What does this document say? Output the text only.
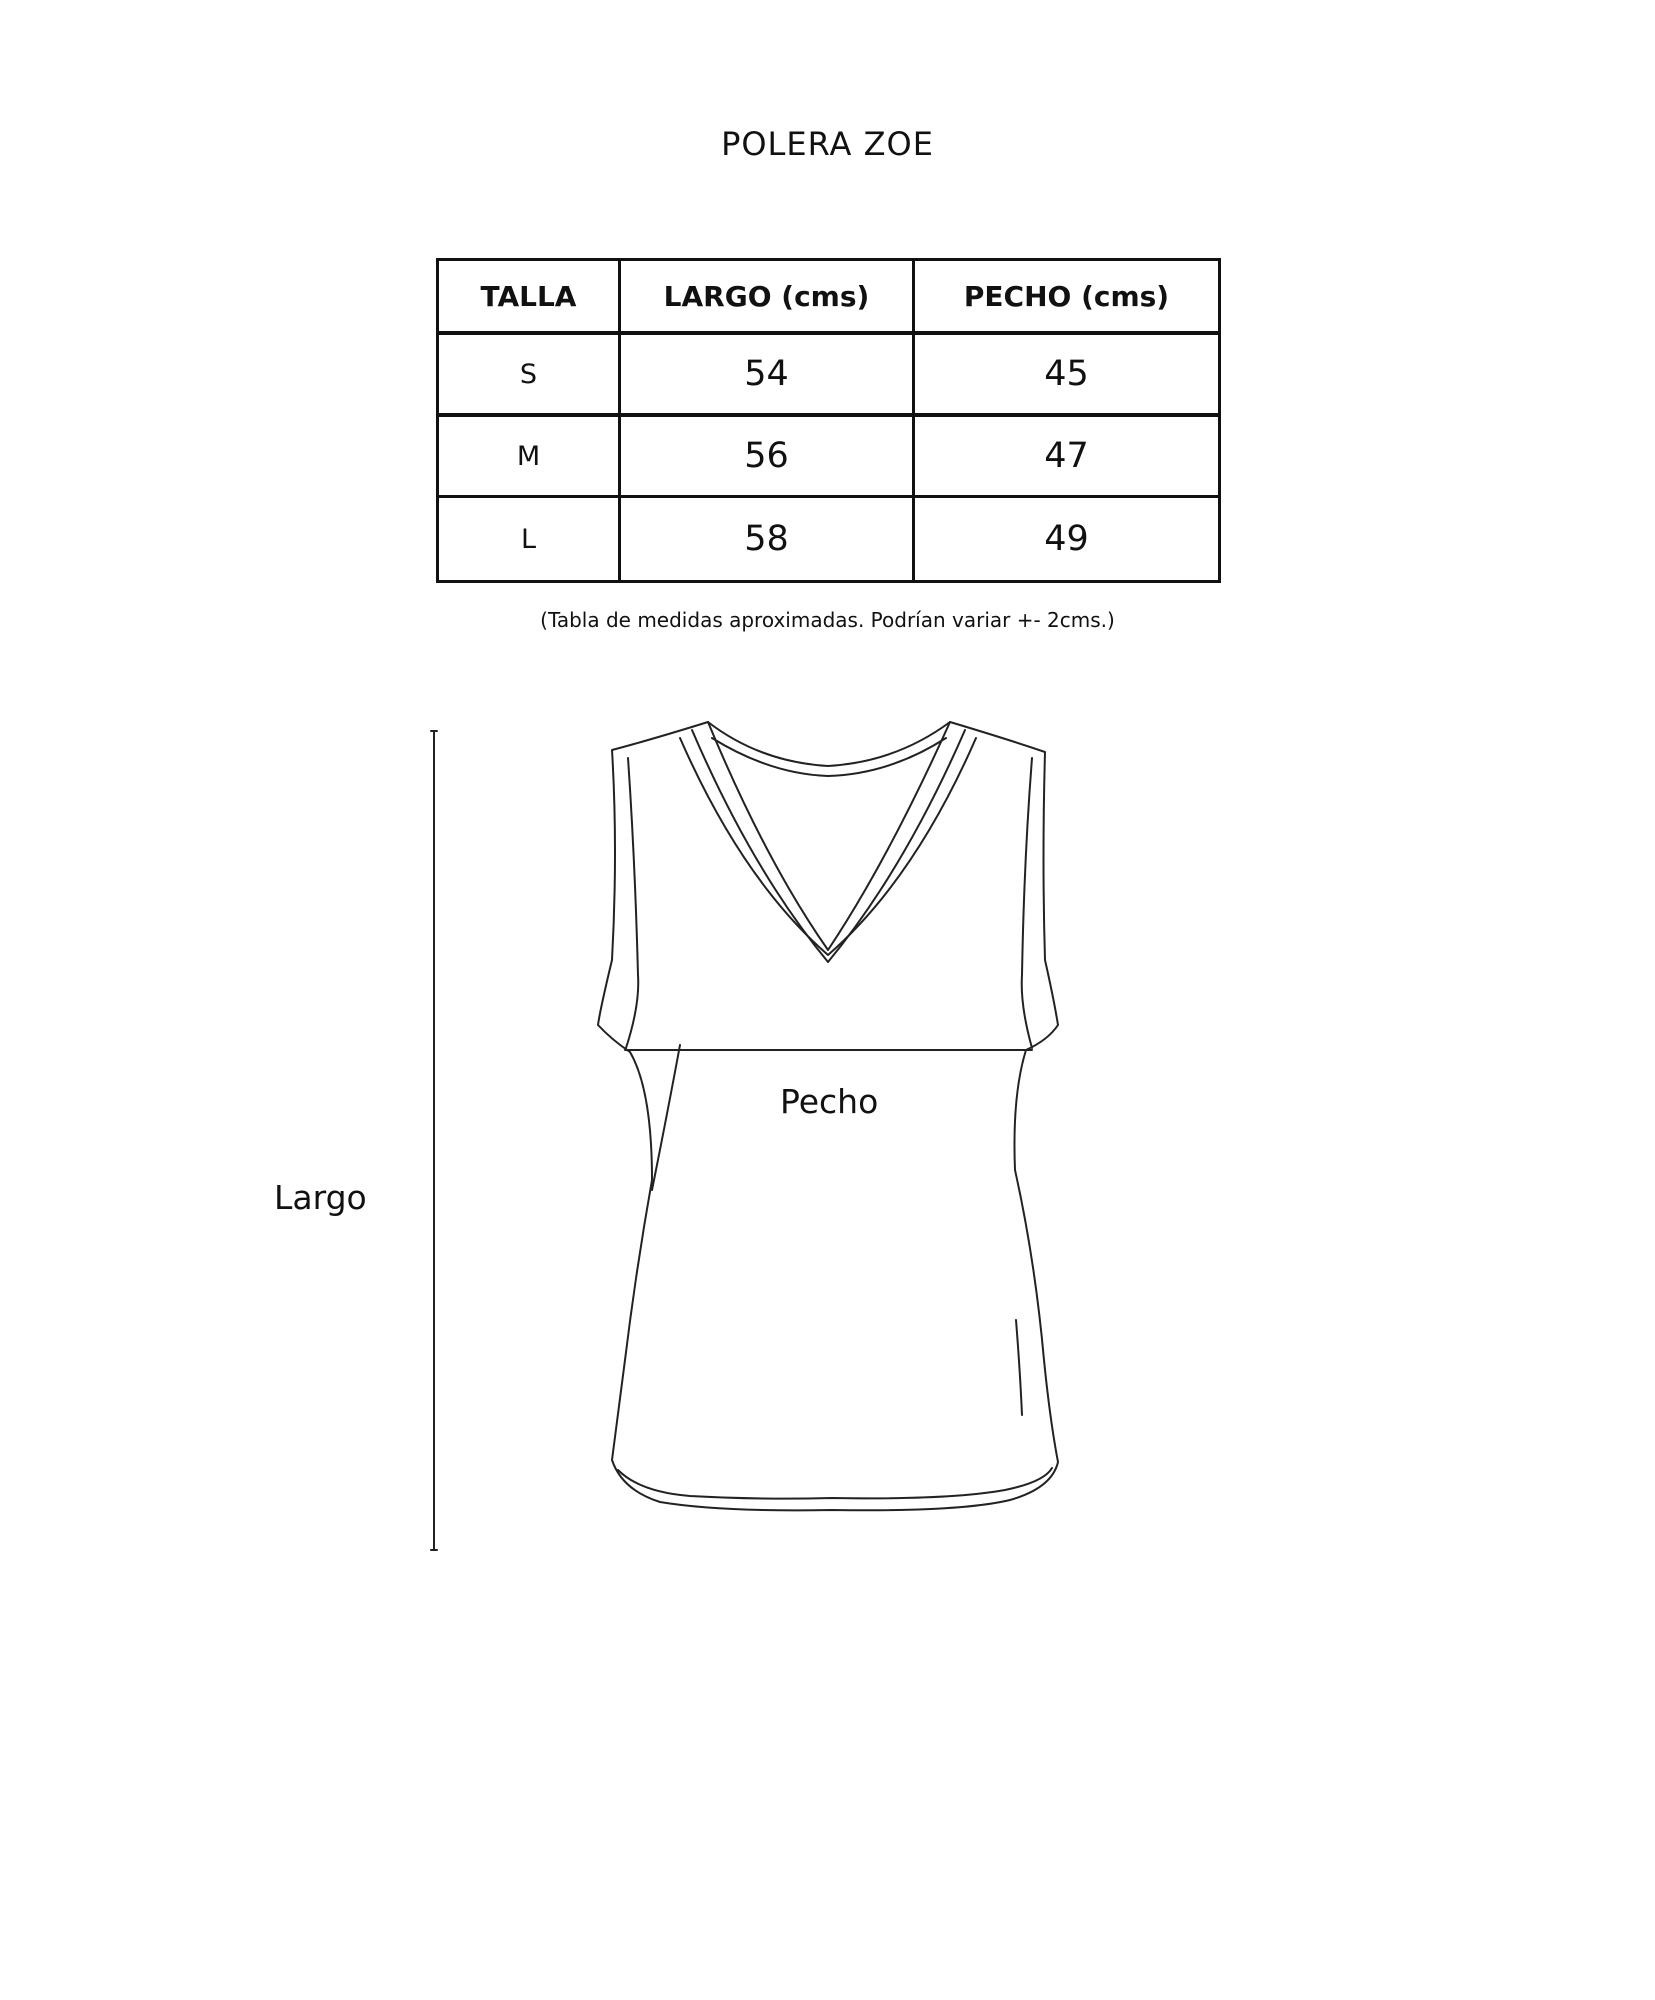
POLERA ZOE
TALLA	LARGO (cms)	PECHO (cms)
S	54	45
M	56	47
L	58	49
(Tabla de medidas aproximadas. Podrían variar +- 2cms.)
Largo
Pecho
